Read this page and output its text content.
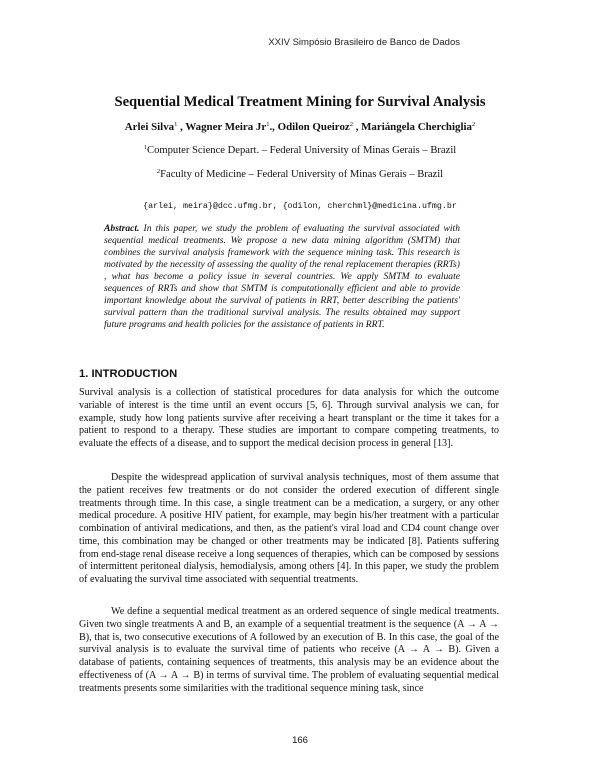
XXIV Simpósio Brasileiro de Banco de Dados
Sequential Medical Treatment Mining for Survival Analysis
Arlei Silva$^1$ , Wagner Meira Jr$^1$., Odilon Queiroz$^2$ , Mariángela Cherchiglia$^2$
$^1$Computer Science Depart. – Federal University of Minas Gerais – Brazil
$^2$Faculty of Medicine – Federal University of Minas Gerais – Brazil
{arlei, meira}@dcc.ufmg.br, {odilon, cherchml}@medicina.ufmg.br

Abstract. In this paper, we study the problem of evaluating the survival associated with sequential medical treatments. We propose a new data mining algorithm (SMTM) that combines the survival analysis framework with the sequence mining task. This research is motivated by the necessity of assessing the quality of the renal replacement therapies (RRTs) , what has become a policy issue in several countries. We apply SMTM to evaluate sequences of RRTs and show that SMTM is computationally efficient and able to provide important knowledge about the survival of patients in RRT, better describing the patients' survival pattern than the traditional survival analysis. The results obtained may support future programs and health policies for the assistance of patients in RRT.

1. INTRODUCTION

Survival analysis is a collection of statistical procedures for data analysis for which the outcome variable of interest is the time until an event occurs [5, 6]. Through survival analysis we can, for example, study how long patients survive after receiving a heart transplant or the time it takes for a patient to respond to a therapy. These studies are important to compare competing treatments, to evaluate the effects of a disease, and to support the medical decision process in general [13].

Despite the widespread application of survival analysis techniques, most of them assume that the patient receives few treatments or do not consider the ordered execution of different single treatments through time. In this case, a single treatment can be a medication, a surgery, or any other medical procedure. A positive HIV patient, for example, may begin his/her treatment with a particular combination of antiviral medications, and then, as the patient's viral load and CD4 count change over time, this combination may be changed or other treatments may be indicated [8]. Patients suffering from end-stage renal disease receive a long sequences of therapies, which can be composed by sessions of intermittent peritoneal dialysis, hemodialysis, among others [4]. In this paper, we study the problem of evaluating the survival time associated with sequential treatments.

We define a sequential medical treatment as an ordered sequence of single medical treatments. Given two single treatments A and B, an example of a sequential treatment is the sequence (A → A → B), that is, two consecutive executions of A followed by an execution of B. In this case, the goal of the survival analysis is to evaluate the survival time of patients who receive (A → A → B). Given a database of patients, containing sequences of treatments, this analysis may be an evidence about the effectiveness of (A → A → B) in terms of survival time. The problem of evaluating sequential medical treatments presents some similarities with the traditional sequence mining task, since

166
